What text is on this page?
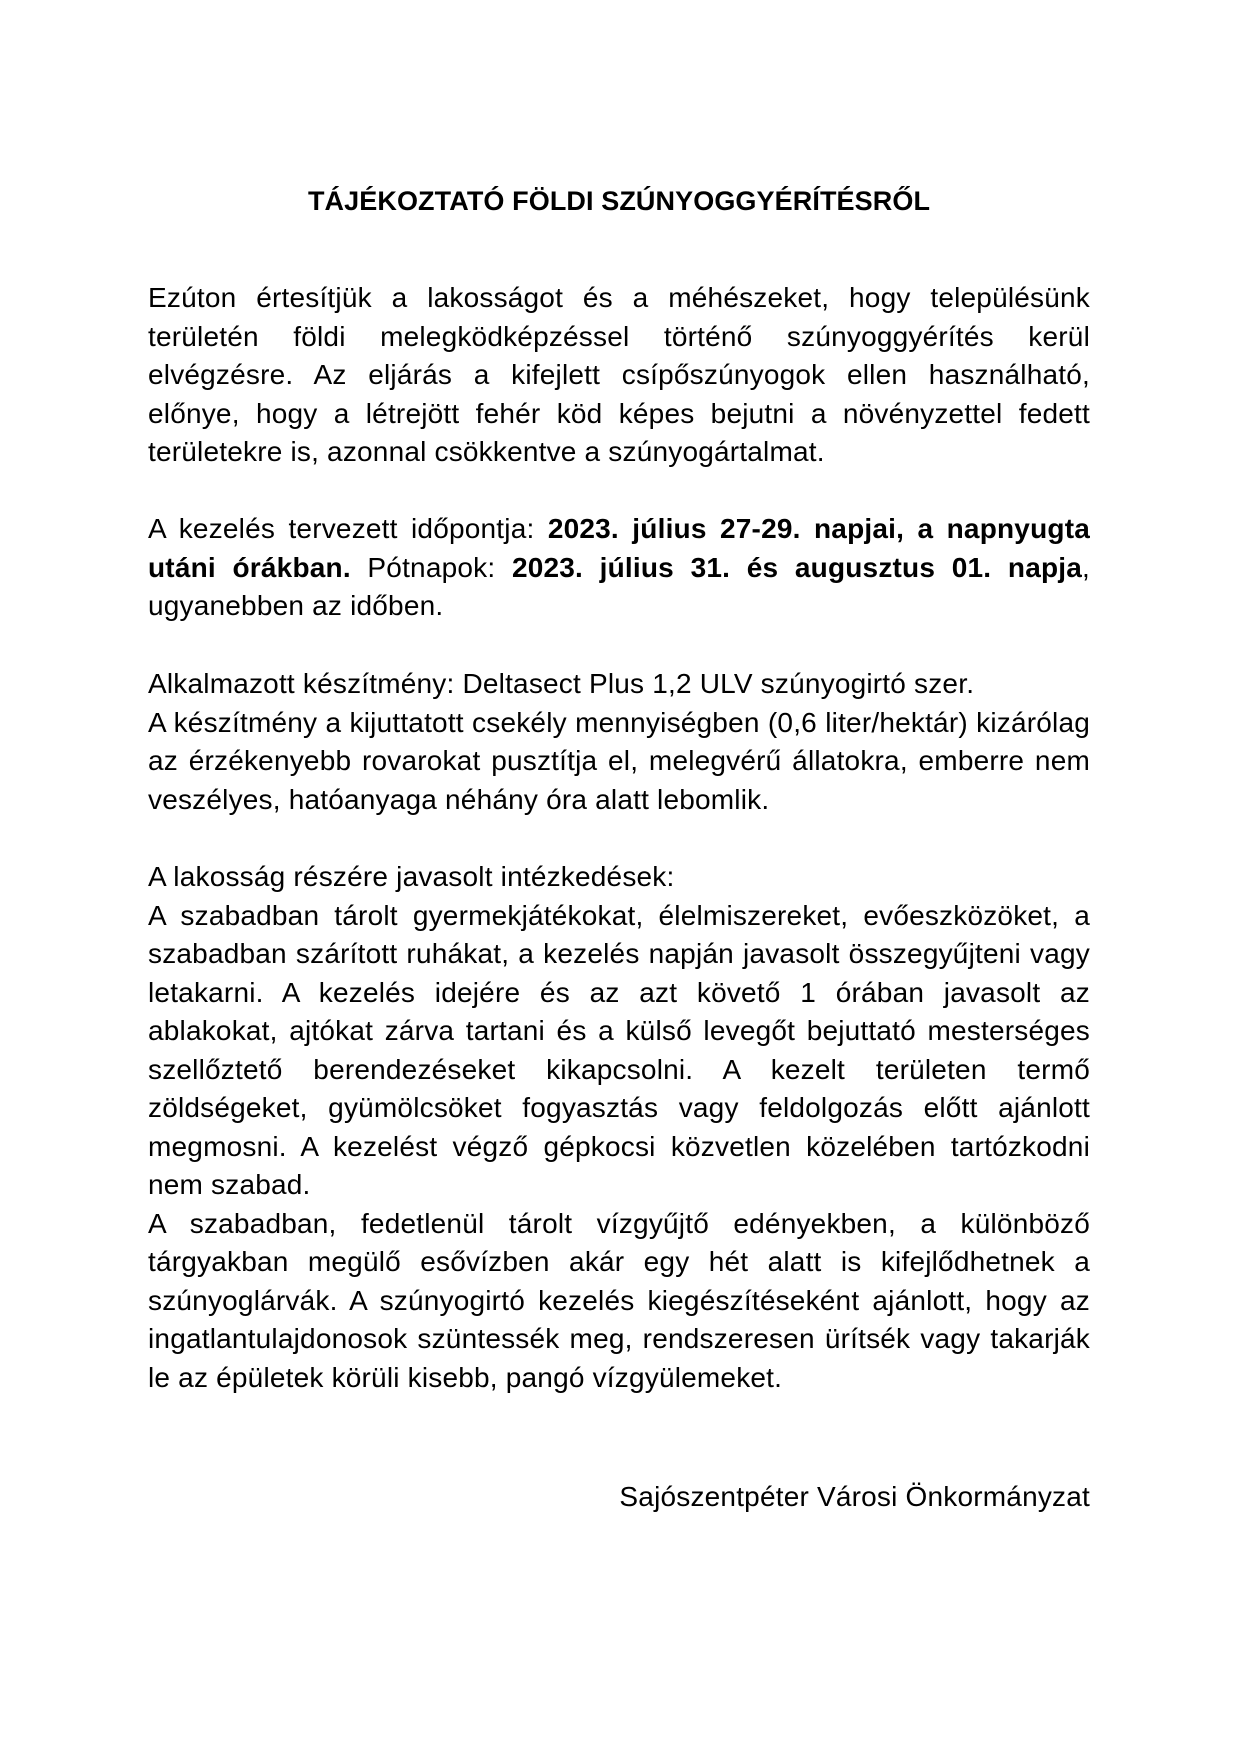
TÁJÉKOZTATÓ FÖLDI SZÚNYOGGYÉRÍTÉSRŐL

Ezúton értesítjük a lakosságot és a méhészeket, hogy településünk területén földi melegködképzéssel történő szúnyoggyérítés kerül elvégzésre. Az eljárás a kifejlett csípőszúnyogok ellen használható, előnye, hogy a létrejött fehér köd képes bejutni a növényzettel fedett területekre is, azonnal csökkentve a szúnyogártalmat.

A kezelés tervezett időpontja: 2023. július 27-29. napjai, a napnyugta utáni órákban. Pótnapok: 2023. július 31. és augusztus 01. napja, ugyanebben az időben.

Alkalmazott készítmény: Deltasect Plus 1,2 ULV szúnyogirtó szer.
A készítmény a kijuttatott csekély mennyiségben (0,6 liter/hektár) kizárólag az érzékenyebb rovarokat pusztítja el, melegvérű állatokra, emberre nem veszélyes, hatóanyaga néhány óra alatt lebomlik.
A lakosság részére javasolt intézkedések:
A szabadban tárolt gyermekjátékokat, élelmiszereket, evőeszközöket, a szabadban szárított ruhákat, a kezelés napján javasolt összegyűjteni vagy letakarni. A kezelés idejére és az azt követő 1 órában javasolt az ablakokat, ajtókat zárva tartani és a külső levegőt bejuttató mesterséges szellőztető berendezéseket kikapcsolni. A kezelt területen termő zöldségeket, gyümölcsöket fogyasztás vagy feldolgozás előtt ajánlott megmosni. A kezelést végző gépkocsi közvetlen közelében tartózkodni nem szabad.
A szabadban, fedetlenül tárolt vízgyűjtő edényekben, a különböző tárgyakban megülő esővízben akár egy hét alatt is kifejlődhetnek a szúnyoglárvák. A szúnyogirtó kezelés kiegészítéseként ajánlott, hogy az ingatlantulajdonosok szüntessék meg, rendszeresen ürítsék vagy takarják le az épületek körüli kisebb, pangó vízgyülemeket.

Sajószentpéter Városi Önkormányzat
